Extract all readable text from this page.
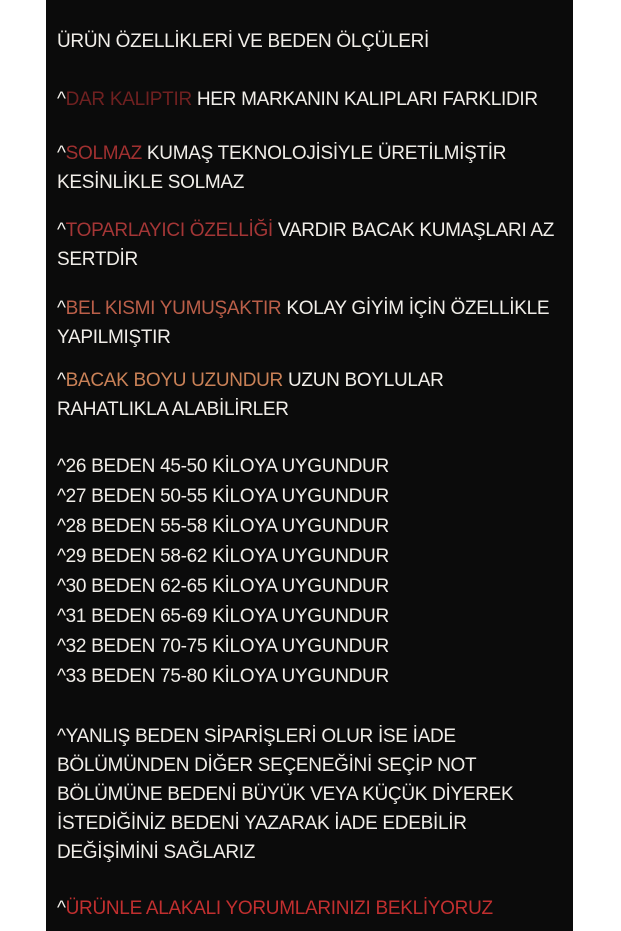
ÜRÜN ÖZELLİKLERİ VE BEDEN ÖLÇÜLERİ
^DAR KALIPTIR HER MARKANIN KALIPLARI FARKLIDIR
^SOLMAZ KUMAŞ TEKNOLOJİSİYLE ÜRETİLMİŞTİR
KESİNLİKLE SOLMAZ
^TOPARLAYICI ÖZELLİĞİ VARDIR BACAK KUMAŞLARI AZ
SERTDİR
^BEL KISMI YUMUŞAKTIR KOLAY GİYİM İÇİN ÖZELLİKLE
YAPILMIŞTIR
^BACAK BOYU UZUNDUR UZUN BOYLULAR
RAHATLIKLA ALABİLİRLER
^26 BEDEN 45-50 KİLOYA UYGUNDUR
^27 BEDEN 50-55 KİLOYA UYGUNDUR
^28 BEDEN 55-58 KİLOYA UYGUNDUR
^29 BEDEN 58-62 KİLOYA UYGUNDUR
^30 BEDEN 62-65 KİLOYA UYGUNDUR
^31 BEDEN 65-69 KİLOYA UYGUNDUR
^32 BEDEN 70-75 KİLOYA UYGUNDUR
^33 BEDEN 75-80 KİLOYA UYGUNDUR
^YANLIŞ BEDEN SİPARİŞLERİ OLUR İSE İADE
BÖLÜMÜNDEN DİĞER SEÇENEĞİNİ SEÇİP NOT
BÖLÜMÜNE BEDENİ BÜYÜK VEYA KÜÇÜK DİYEREK
İSTEDİĞİNİZ BEDENİ YAZARAK İADE EDEBİLİR
DEĞİŞİMİNİ SAĞLARIZ
^ÜRÜNLE ALAKALI YORUMLARINIZI BEKLİYORUZ
